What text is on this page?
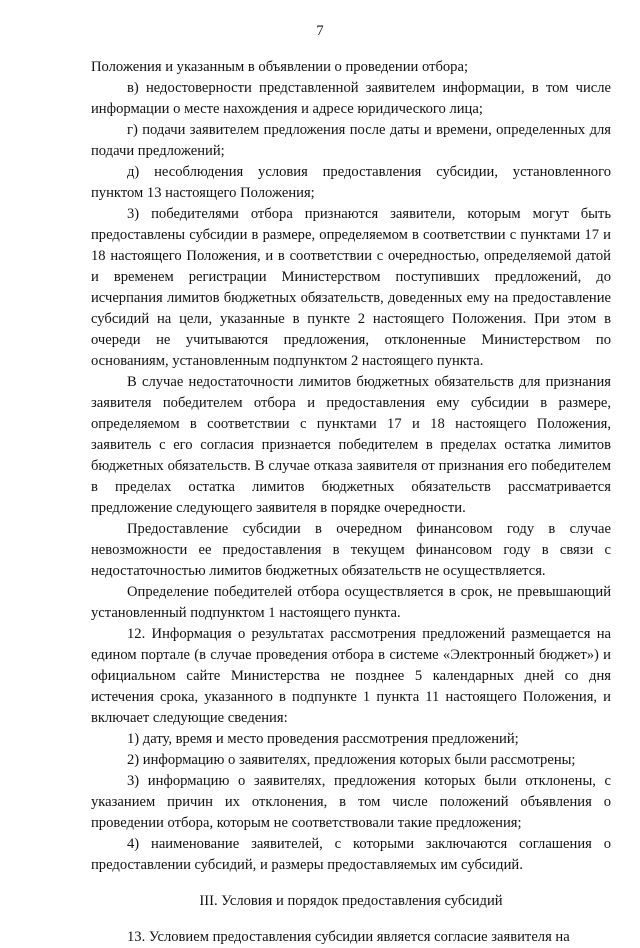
7

Положения и указанным в объявлении о проведении отбора;

в) недостоверности представленной заявителем информации, в том числе информации о месте нахождения и адресе юридического лица;

г) подачи заявителем предложения после даты и времени, определенных для подачи предложений;

д) несоблюдения условия предоставления субсидии, установленного пунктом 13 настоящего Положения;

3) победителями отбора признаются заявители, которым могут быть предоставлены субсидии в размере, определяемом в соответствии с пунктами 17 и 18 настоящего Положения, и в соответствии с очередностью, определяемой датой и временем регистрации Министерством поступивших предложений, до исчерпания лимитов бюджетных обязательств, доведенных ему на предоставление субсидий на цели, указанные в пункте 2 настоящего Положения. При этом в очереди не учитываются предложения, отклоненные Министерством по основаниям, установленным подпунктом 2 настоящего пункта.

В случае недостаточности лимитов бюджетных обязательств для признания заявителя победителем отбора и предоставления ему субсидии в размере, определяемом в соответствии с пунктами 17 и 18 настоящего Положения, заявитель с его согласия признается победителем в пределах остатка лимитов бюджетных обязательств. В случае отказа заявителя от признания его победителем в пределах остатка лимитов бюджетных обязательств рассматривается предложение следующего заявителя в порядке очередности.

Предоставление субсидии в очередном финансовом году в случае невозможности ее предоставления в текущем финансовом году в связи с недостаточностью лимитов бюджетных обязательств не осуществляется.

Определение победителей отбора осуществляется в срок, не превышающий установленный подпунктом 1 настоящего пункта.

12. Информация о результатах рассмотрения предложений размещается на едином портале (в случае проведения отбора в системе «Электронный бюджет») и официальном сайте Министерства не позднее 5 календарных дней со дня истечения срока, указанного в подпункте 1 пункта 11 настоящего Положения, и включает следующие сведения:

1) дату, время и место проведения рассмотрения предложений;

2) информацию о заявителях, предложения которых были рассмотрены;

3) информацию о заявителях, предложения которых были отклонены, с указанием причин их отклонения, в том числе положений объявления о проведении отбора, которым не соответствовали такие предложения;

4) наименование заявителей, с которыми заключаются соглашения о предоставлении субсидий, и размеры предоставляемых им субсидий.

III. Условия и порядок предоставления субсидий

13. Условием предоставления субсидии является согласие заявителя на
